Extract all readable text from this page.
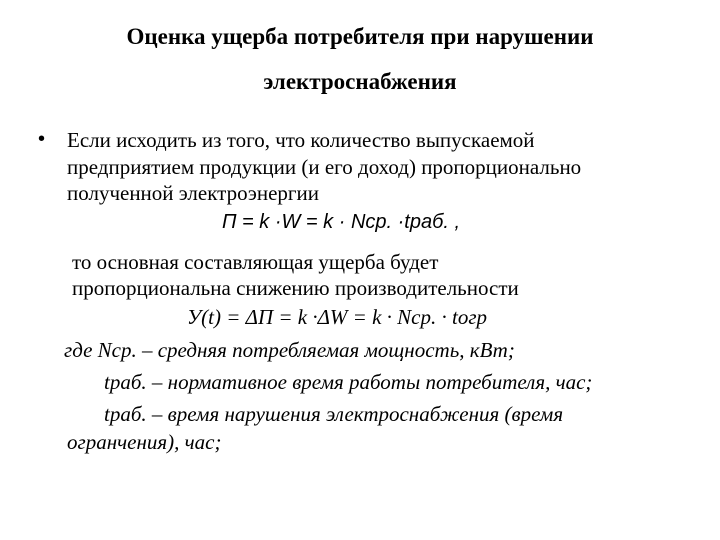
Оценка ущерба потребителя при нарушении
электроснабжения
• Если исходить из того, что количество выпускаемой
предприятием продукции (и его доход) пропорционально
полученной электроэнергии
П = k ·W = k · Nср. ·tраб. ,
то основная составляющая ущерба будет
пропорциональна снижению производительности
У(t) = ΔП = k ·ΔW = k · Nср. · tогр
где Nср. – средняя потребляемая мощность, кВт;
tраб. – нормативное время работы потребителя, час;
tраб. – время нарушения электроснабжения (время
огранчения), час;
